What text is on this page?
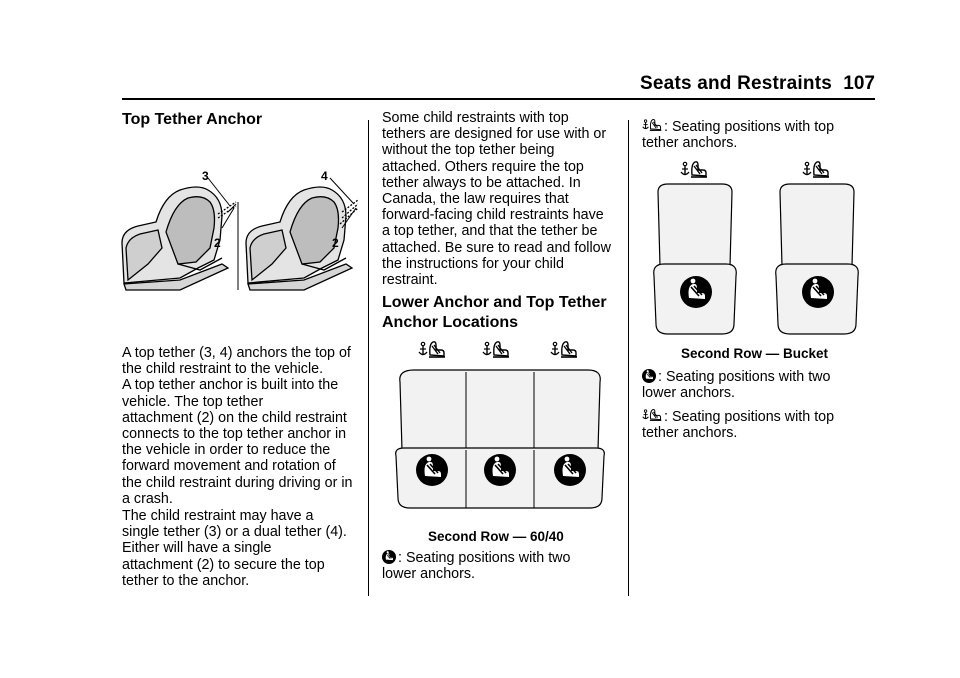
Seats and Restraints 107
Top Tether Anchor
3
2
4
2
A top tether (3, 4) anchors the top of
the child restraint to the vehicle.
A top tether anchor is built into the
vehicle. The top tether
attachment (2) on the child restraint
connects to the top tether anchor in
the vehicle in order to reduce the
forward movement and rotation of
the child restraint during driving or in
a crash.
The child restraint may have a
single tether (3) or a dual tether (4).
Either will have a single
attachment (2) to secure the top
tether to the anchor.
Some child restraints with top
tethers are designed for use with or
without the top tether being
attached. Others require the top
tether always to be attached. In
Canada, the law requires that
forward-facing child restraints have
a top tether, and that the tether be
attached. Be sure to read and follow
the instructions for your child
restraint.
Lower Anchor and Top Tether
Anchor Locations
Second Row — 60/40
: Seating positions with two
lower anchors.
: Seating positions with top
tether anchors.
Second Row — Bucket
: Seating positions with two
lower anchors.
: Seating positions with top
tether anchors.
